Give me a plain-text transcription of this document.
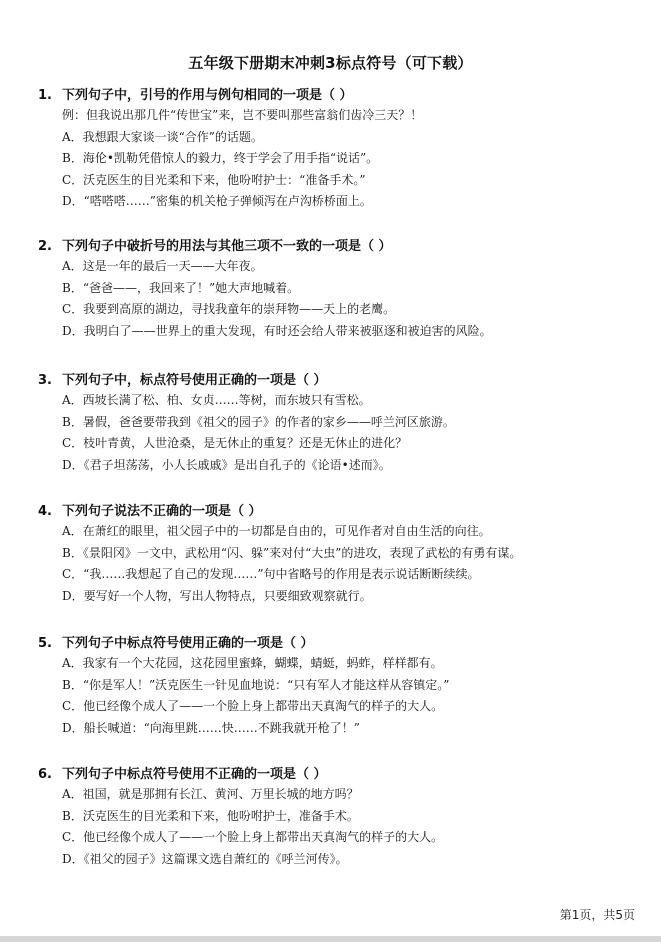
五年级下册期末冲刺3标点符号（可下载）
1. 下列句子中，引号的作用与例句相同的一项是（ ）
例：但我说出那几件“传世宝”来，岂不要叫那些富翁们齿冷三天？！
A．我想跟大家谈一谈“合作”的话题。
B．海伦•凯勒凭借惊人的毅力，终于学会了用手指“说话”。
C．沃克医生的目光柔和下来，他吩咐护士：“准备手术。”
D．“嗒嗒嗒……”密集的机关枪子弹倾泻在卢沟桥桥面上。
2. 下列句子中破折号的用法与其他三项不一致的一项是（ ）
A．这是一年的最后一天——大年夜。
B．“爸爸——，我回来了！”她大声地喊着。
C．我要到高原的湖边，寻找我童年的崇拜物——天上的老鹰。
D．我明白了——世界上的重大发现，有时还会给人带来被驱逐和被迫害的风险。
3. 下列句子中，标点符号使用正确的一项是（ ）
A．西坡长满了松、柏、女贞……等树，而东坡只有雪松。
B．暑假，爸爸要带我到《祖父的园子》的作者的家乡——呼兰河区旅游。
C．枝叶青黄，人世沧桑，是无休止的重复？还是无休止的进化？
D．《君子坦荡荡，小人长戚戚》是出自孔子的《论语•述而》。
4. 下列句子说法不正确的一项是（ ）
A．在萧红的眼里，祖父园子中的一切都是自由的，可见作者对自由生活的向往。
B．《景阳冈》一文中，武松用“闪、躲”来对付“大虫”的进攻，表现了武松的有勇有谋。
C．“我……我想起了自己的发现……”句中省略号的作用是表示说话断断续续。
D．要写好一个人物，写出人物特点，只要细致观察就行。
5. 下列句子中标点符号使用正确的一项是（ ）
A．我家有一个大花园，这花园里蜜蜂，蝴蝶，蜻蜓，蚂蚱，样样都有。
B．“你是军人！”沃克医生一针见血地说：“只有军人才能这样从容镇定。”
C．他已经像个成人了——一个脸上身上都带出天真淘气的样子的大人。
D．船长喊道：“向海里跳……快……不跳我就开枪了！”
6. 下列句子中标点符号使用不正确的一项是（ ）
A．祖国，就是那拥有长江、黄河、万里长城的地方吗？
B．沃克医生的目光柔和下来，他吩咐护士，准备手术。
C．他已经像个成人了——一个脸上身上都带出天真淘气的样子的大人。
D．《祖父的园子》这篇课文选自萧红的《呼兰河传》。
第1页，共5页
